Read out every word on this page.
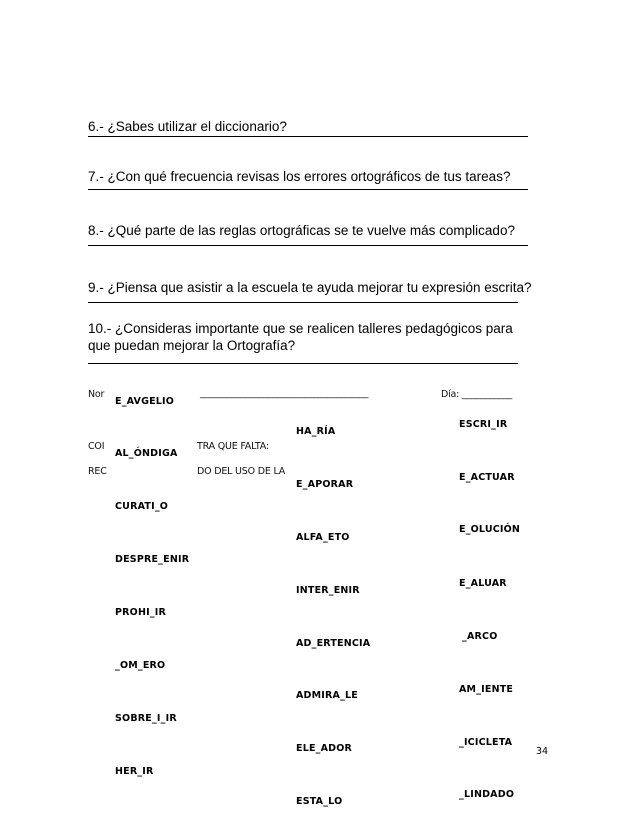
6.- ¿Sabes utilizar el diccionario?
7.- ¿Con qué frecuencia revisas los errores ortográficos de tus tareas?
8.- ¿Qué parte de las reglas ortográficas se te vuelve más complicado?
9.- ¿Piensa que asistir a la escuela te ayuda mejorar tu expresión escrita?
10.- ¿Consideras importante que se realicen talleres pedagógicos para que puedan mejorar la Ortografía?
Nor	_____________________________________	Día: ___________
COI	TRA QUE FALTA:
REC	DO DEL USO DE LA
E_AVGELIO
AL_ÓNDIGA
CURATI_O
DESPRE_ENIR
PROHI_IR
_OM_ERO
SOBRE_I_IR
HER_IR
HA_RÍA
E_APORAR
ALFA_ETO
INTER_ENIR
AD_ERTENCIA
ADMIRA_LE
ELE_ADOR
ESTA_LO
ESCRI_IR
E_ACTUAR
E_OLUCIÓN
E_ALUAR
_ARCO
AM_IENTE
_ICICLETA
_LINDADO
34
